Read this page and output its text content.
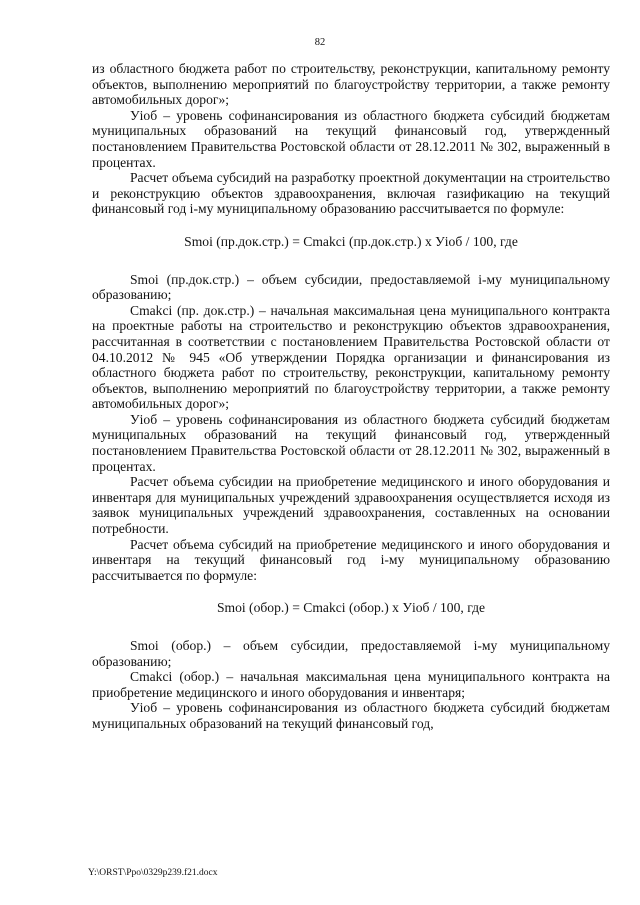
82

из областного бюджета работ по строительству, реконструкции, капитальному ремонту объектов, выполнению мероприятий по благоустройству территории, а также ремонту автомобильных дорог»;

Уioб – уровень софинансирования из областного бюджета субсидий бюджетам муниципальных образований на текущий финансовый год, утвержденный постановлением Правительства Ростовской области от 28.12.2011 № 302, выраженный в процентах.

Расчет объема субсидий на разработку проектной документации на строительство и реконструкцию объектов здравоохранения, включая газификацию на текущий финансовый год i-му муниципальному образованию рассчитывается по формуле:

Smoi (пр.док.стр.) = Cmakci (пр.док.стр.) х Уioб / 100, где

Smoi (пр.док.стр.) – объем субсидии, предоставляемой i-му муниципальному образованию;

Cmakci (пр. док.стр.) – начальная максимальная цена муниципального контракта на проектные работы на строительство и реконструкцию объектов здравоохранения, рассчитанная в соответствии с постановлением Правительства Ростовской области от 04.10.2012 № 945 «Об утверждении Порядка организации и финансирования из областного бюджета работ по строительству, реконструкции, капитальному ремонту объектов, выполнению мероприятий по благоустройству территории, а также ремонту автомобильных дорог»;

Уioб – уровень софинансирования из областного бюджета субсидий бюджетам муниципальных образований на текущий финансовый год, утвержденный постановлением Правительства Ростовской области от 28.12.2011 № 302, выраженный в процентах.

Расчет объема субсидии на приобретение медицинского и иного оборудования и инвентаря для муниципальных учреждений здравоохранения осуществляется исходя из заявок муниципальных учреждений здравоохранения, составленных на основании потребности.

Расчет объема субсидий на приобретение медицинского и иного оборудования и инвентаря на текущий финансовый год i-му муниципальному образованию рассчитывается по формуле:

Smoi (обор.) = Cmakci (обор.) х Уioб / 100, где

Smoi (обор.) – объем субсидии, предоставляемой i-му муниципальному образованию;

Cmakci (обор.) – начальная максимальная цена муниципального контракта на приобретение медицинского и иного оборудования и инвентаря;

Уioб – уровень софинансирования из областного бюджета субсидий бюджетам муниципальных образований на текущий финансовый год,

Y:\ORST\Ppo\0329p239.f21.docx
